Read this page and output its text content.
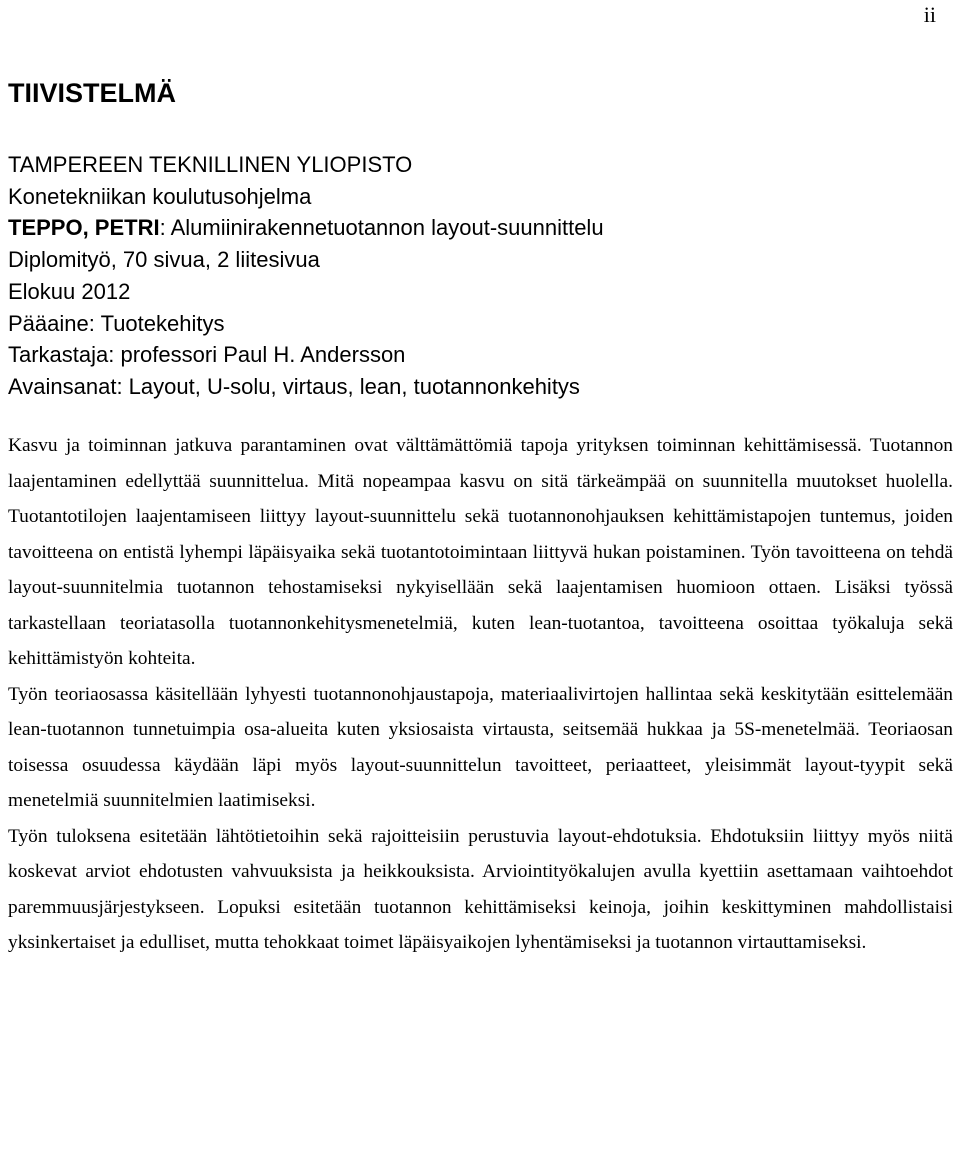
ii
TIIVISTELMÄ
TAMPEREEN TEKNILLINEN YLIOPISTO
Konetekniikan koulutusohjelma
TEPPO, PETRI: Alumiinirakennetuotannon layout-suunnittelu
Diplomityö, 70 sivua, 2 liitesivua
Elokuu 2012
Pääaine: Tuotekehitys
Tarkastaja: professori Paul H. Andersson
Avainsanat: Layout, U-solu, virtaus, lean, tuotannonkehitys

Kasvu ja toiminnan jatkuva parantaminen ovat välttämättömiä tapoja yrityksen toiminnan kehittämisessä. Tuotannon laajentaminen edellyttää suunnittelua. Mitä nopeampaa kasvu on sitä tärkeämpää on suunnitella muutokset huolella. Tuotantotilojen laajentamiseen liittyy layout-suunnittelu sekä tuotannonohjauksen kehittämistapojen tuntemus, joiden tavoitteena on entistä lyhempi läpäisyaika sekä tuotantotoimintaan liittyvä hukan poistaminen. Työn tavoitteena on tehdä layout-suunnitelmia tuotannon tehostamiseksi nykyisellään sekä laajentamisen huomioon ottaen. Lisäksi työssä tarkastellaan teoriatasolla tuotannonkehitysmenetelmiä, kuten lean-tuotantoa, tavoitteena osoittaa työkaluja sekä kehittämistyön kohteita.

Työn teoriaosassa käsitellään lyhyesti tuotannonohjaustapoja, materiaalivirtojen hallintaa sekä keskitytään esittelemään lean-tuotannon tunnetuimpia osa-alueita kuten yksiosaista virtausta, seitsemää hukkaa ja 5S-menetelmää. Teoriaosan toisessa osuudessa käydään läpi myös layout-suunnittelun tavoitteet, periaatteet, yleisimmät layout-tyypit sekä menetelmiä suunnitelmien laatimiseksi.

Työn tuloksena esitetään lähtötietoihin sekä rajoitteisiin perustuvia layout-ehdotuksia. Ehdotuksiin liittyy myös niitä koskevat arviot ehdotusten vahvuuksista ja heikkouksista. Arviointityökalujen avulla kyettiin asettamaan vaihtoehdot paremmuusjärjestykseen. Lopuksi esitetään tuotannon kehittämiseksi keinoja, joihin keskittyminen mahdollistaisi yksinkertaiset ja edulliset, mutta tehokkaat toimet läpäisyaikojen lyhentämiseksi ja tuotannon virtauttamiseksi.
